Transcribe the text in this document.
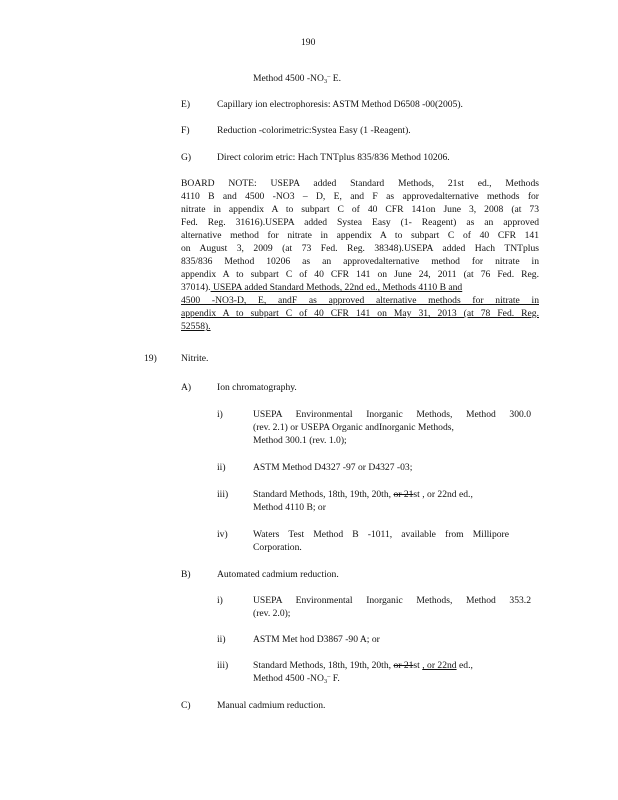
190
Method 4500 $-NO_3^-$ E.
E)	Capillary ion electrophoresis: ASTM Method D6508 -00(2005).
F)	Reduction -colorimetric:Systea Easy (1 -Reagent).
G)	Direct colorim etric: Hach TNTplus 835/836 Method 10206.
BOARD NOTE: USEPA added Standard Methods, 21st ed., Methods
4110 B and 4500 -NO3 – D, E, and F as approvedalternative methods for
nitrate in appendix A to subpart C of 40 CFR 141on June 3, 2008 (at 73
Fed. Reg. 31616).USEPA added Systea Easy (1- Reagent) as an approved
alternative method for nitrate in appendix A to subpart C of 40 CFR 141
on August 3, 2009 (at 73 Fed. Reg. 38348).USEPA added Hach TNTplus
835/836 Method 10206 as an approvedalternative method for nitrate in
appendix A to subpart C of 40 CFR 141 on June 24, 2011 (at 76 Fed. Reg.
37014). USEPA added Standard Methods, 22nd ed., Methods 4110 B and
4500 -NO3-D, E, andF as approved alternative methods for nitrate in
appendix A to subpart C of 40 CFR 141 on May 31, 2013 (at 78 Fed. Reg.
52558).
19)	Nitrite.
A)	Ion chromatography.
i)	USEPA Environmental Inorganic Methods, Method 300.0
(rev. 2.1) or USEPA Organic andInorganic Methods,
Method 300.1 (rev. 1.0);
ii)	ASTM Method D4327 -97 or D4327 -03;
iii)	Standard Methods, 18th, 19th, 20th, or 21st , or 22nd ed.,
Method 4110 B; or
iv)	Waters Test Method B -1011, available from Millipore
Corporation.
B)	Automated cadmium reduction.
i)	USEPA Environmental Inorganic Methods, Method 353.2
(rev. 2.0);
ii)	ASTM Met hod D3867 -90 A; or
iii)	Standard Methods, 18th, 19th, 20th, or 21st , or 22nd ed.,
Method 4500 $-NO_3^-$ F.
C)	Manual cadmium reduction.
